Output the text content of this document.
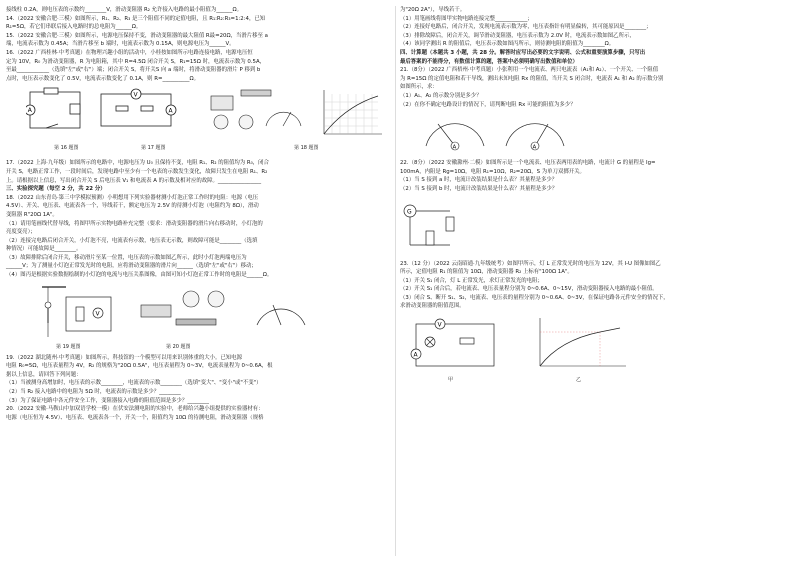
接线柱 0.2A，则电压表的示数约________V，滑动变阻器 R₂ 允许接入电路的最小阻值为______Ω。

14.（2022 安徽合肥·三模）如图所示，R₁、R₂、R₃ 是三个阻值不同的定值电阻，且 R₁:R₂:R₃=1:2:4，已知

R₁=5Ω，若它们串联后接入电路时的总电阻为______Ω。

15.（2022 安徽合肥·三模）如图所示，电源电压保持不变，滑动变阻器的最大阻值 R最=20Ω，当滑片移至 a

端，电流表示数为 0.45A；当滑片移至 b 端时，电流表示数为 0.15A，则电源电压为______V。

16.（2022 广西桂林·中考真题）在物理兴趣小组的活动中，小桂按如图所示电路连接电路，电源电压恒

定为 10V，R₀ 为滑动变阻器，R 为电阻箱，其中 R=4.5Ω 闭合开关 S，R₁=15Ω 时，电流表示数为 0.5A，

至最____________（选填"左"或"右"）端；闭合开关 S，将开关S 向 a 端时，将滑动变阻器的滑片 P 移到 b

点时，电压表示数变化了 0.5V，电流表示数变化了 0.1A，则 R=__________Ω。

A
V
A
第 16 题图	第 17 题图	第 18 题图

17.（2022 上海·九年级）如图所示的电路中，电源电压为 U₀ 且保持不变，电阻 R₁、R₂ 的阻值均为 R₀，闭合

开关 S，电路正常工作，一段时间后，发现电路中至少有一个电表的示数发生变化，故障只发生在电阻 R₁、R₂

上。请根据以上信息，写出闭合开关 S 后电压表 V₁ 和电流表 A 的示数及相对应的故障。________________

三、实验探究题（每空 2 分，共 22 分）

18.（2022 山东青岛·第三中学模拟预测）小明想用下列实验器材测小灯泡正常工作时的电阻：电源（电压

4.5V）、开关、电压表、电流表各一个，导线若干，额定电压为 2.5V 的待测小灯泡（电阻约为 8Ω），滑动

变阻器 R"20Ω 1A"。

（1）请用笔画线代替导线，将图甲所示实物电路补充完整（要求：滑动变阻器的滑片向右移动时，小灯泡的

亮度变亮）；

（2）连接完电路后闭合开关，小灯泡不亮，电流表有示数，电压表无示数，则故障可能是________（选填

种情况）可能故障是________。

（3）故障排除后闭合开关，移动滑片至某一位置，电压表的示数如图乙所示，此时小灯泡两端电压为

______V；为了测量小灯泡正常发光时的电阻，应将滑动变阻器的滑片向______（选填"左"或"右"）移动；

（4）图丙是根据实验数据绘制的小灯泡的电流与电压关系图像，由图可知小灯泡正常工作时的电阻是______Ω。

V
第 19 题图	第 20 题图

19.（2022 湖北随州·中考真题）如图所示，科技馆的一个模型可以用来识别体重的大小。已知电源

电阻 R₀=5Ω，电压表量程为 4V，R₂ 的规格为"20Ω 0.5A"，电压表量程为 0~3V，电流表量程为 0~0.6A，根

据以上信息，请回答下列问题：

（1）当被测身高增加时，电压表的示数________，电流表的示数________（选填"变大"、"变小"或"不变"）

（2）当 R₂ 接入电路中的电阻为 5Ω 时，电流表的示数是多少？________

（3）为了保证电路中各元件安全工作，变阻器接入电路的阻值范围是多少？________

20.（2022 安徽·马鞍山中加双语学校一模）在伏安法测电阻的实验中，老师给兴趣小组提供的实验器材有：

电源（电压恒为 4.5V）、电压表、电流表各一个，开关一个，阻值约为 10Ω 的待测电阻，滑动变阻器（规格

为"20Ω 2A"），导线若干。

（1）用笔画线将图甲实物电路连接完整____________；

（2）连接好电路后，闭合开关，发现电流表示数为零，电压表指针有明显偏转，其可能原因是________；

（3）排除故障后，闭合开关，调节滑动变阻器，电压表示数为 2.0V 时，电流表示数如图乙所示，

（4）该同学测出 R 的阻值后，电压表示数如图丙所示，则待测电阻的阻值为________Ω。

四、计算题（本题共 3 小题，共 28 分。解答时应写出必要的文字说明、公式和重要演算步骤，只写出

最后答案的不能得分，有数值计算的题，答案中必须明确写出数值和单位）

21.（8分）（2022 广西梧州·中考真题）小张利用一个电流表、两只电流表（A₁和 A₂）、一个开关、一个阻值

为 R=15Ω 的定值电阻和若干导线，测出未知电阻 Rx 的阻值，当开关 S 闭合时，电流表 A₁ 和 A₂ 的示数分别

如图所示，求：

（1）A₁、A₂ 的示数分别是多少？

（2）在你不确定电路设计的情况下，请判断电阻 Rx 可能的阻值为多少？

A	A

22.（8分）（2022 安徽滁州·二模）如图所示是一个电流表、电压表两用表的电路，电流计 G 的量程是 Ig=

100mA，内阻是 Rg=10Ω，电阻 R₁=10Ω，R₂=20Ω，S 为单刀双掷开关。

（1）当 S 接到 a 时，电流计改装结果是什么表？其量程是多少？

（2）当 S 接到 b 时，电流计改装结果是什么表？其量程是多少？

G

23.（12 分）（2022 云南昭通·九年级统考）如图甲所示，灯 L 正常发光时的电压为 12V，其 I-U 图像如图乙

所示，定值电阻 R₁ 的阻值为 10Ω，滑动变阻器 R₂ 上标有"100Ω 1A"。

（1）开关 S₁ 闭合，灯 L 正常发光，求灯正常发光的电阻；

（2）开关 S₁ 闭合后，若电流表、电压表量程分别为 0~0.6A、0~15V，滑动变阻器接入电路的最小阻值。

（3）闭合 S、断开 S₁、S₂，电流表、电压表的量程分别为 0~0.6A、0~3V，在保证电路各元件安全的情况下，

求滑动变阻器的阻值范围。

V
A
甲	乙
